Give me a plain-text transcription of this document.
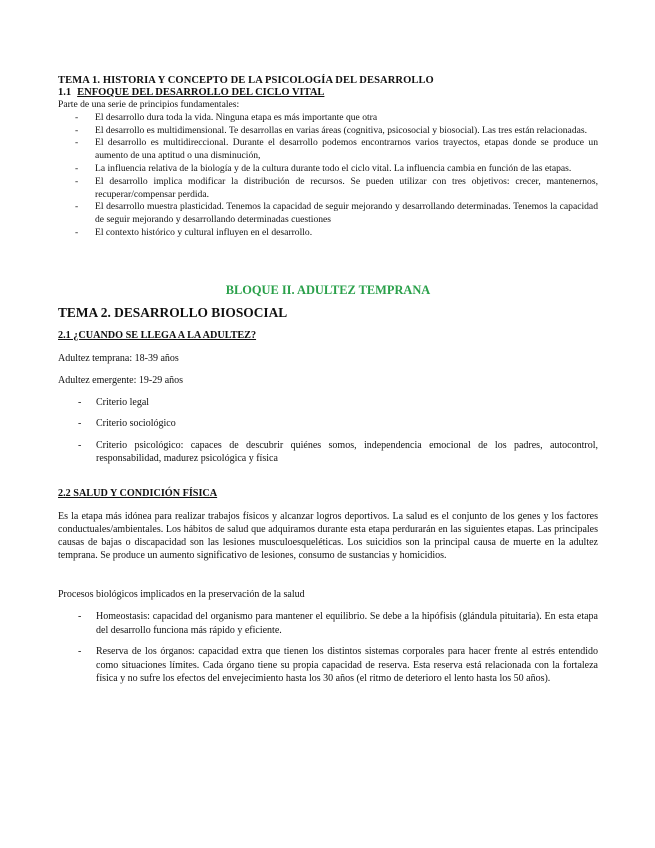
TEMA 1. HISTORIA Y CONCEPTO DE LA PSICOLOGÍA DEL DESARROLLO
1.1 ENFOQUE DEL DESARROLLO DEL CICLO VITAL
Parte de una serie de principios fundamentales:
- El desarrollo dura toda la vida. Ninguna etapa es más importante que otra
- El desarrollo es multidimensional. Te desarrollas en varias áreas (cognitiva, psicosocial y biosocial). Las tres están relacionadas.
- El desarrollo es multidireccional. Durante el desarrollo podemos encontrarnos varios trayectos, etapas donde se produce un aumento de una aptitud o una disminución,
- La influencia relativa de la biología y de la cultura durante todo el ciclo vital. La influencia cambia en función de las etapas.
- El desarrollo implica modificar la distribución de recursos. Se pueden utilizar con tres objetivos: crecer, mantenernos, recuperar/compensar perdida.
- El desarrollo muestra plasticidad. Tenemos la capacidad de seguir mejorando y desarrollando determinadas. Tenemos la capacidad de seguir mejorando y desarrollando determinadas cuestiones
- El contexto histórico y cultural influyen en el desarrollo.
BLOQUE II. ADULTEZ TEMPRANA
TEMA 2. DESARROLLO BIOSOCIAL
2.1 ¿CUANDO SE LLEGA A LA ADULTEZ?
Adultez temprana: 18-39 años
Adultez emergente: 19-29 años
- Criterio legal
- Criterio sociológico
- Criterio psicológico: capaces de descubrir quiénes somos, independencia emocional de los padres, autocontrol, responsabilidad, madurez psicológica y física
2.2 SALUD Y CONDICIÓN FÍSICA
Es la etapa más idónea para realizar trabajos físicos y alcanzar logros deportivos. La salud es el conjunto de los genes y los factores conductuales/ambientales. Los hábitos de salud que adquiramos durante esta etapa perdurarán en las siguientes etapas. Las principales causas de bajas o discapacidad son las lesiones musculoesqueléticas. Los suicidios son la principal causa de muerte en la adultez temprana. Se produce un aumento significativo de lesiones, consumo de sustancias y homicidios.
Procesos biológicos implicados en la preservación de la salud
- Homeostasis: capacidad del organismo para mantener el equilibrio. Se debe a la hipófisis (glándula pituitaria). En esta etapa del desarrollo funciona más rápido y eficiente.
- Reserva de los órganos: capacidad extra que tienen los distintos sistemas corporales para hacer frente al estrés entendido como situaciones límites. Cada órgano tiene su propia capacidad de reserva. Esta reserva está relacionada con la fortaleza física y no sufre los efectos del envejecimiento hasta los 30 años (el ritmo de deterioro el lento hasta los 50 años).
